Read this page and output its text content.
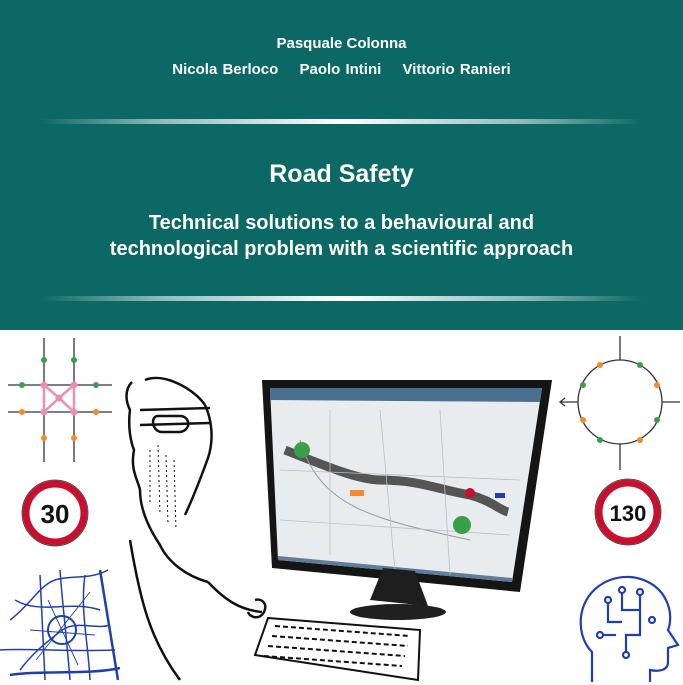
Pasquale Colonna
Nicola Berloco Paolo Intini Vittorio Ranieri
Road Safety
Technical solutions to a behavioural and
technological problem with a scientific approach
30	130
